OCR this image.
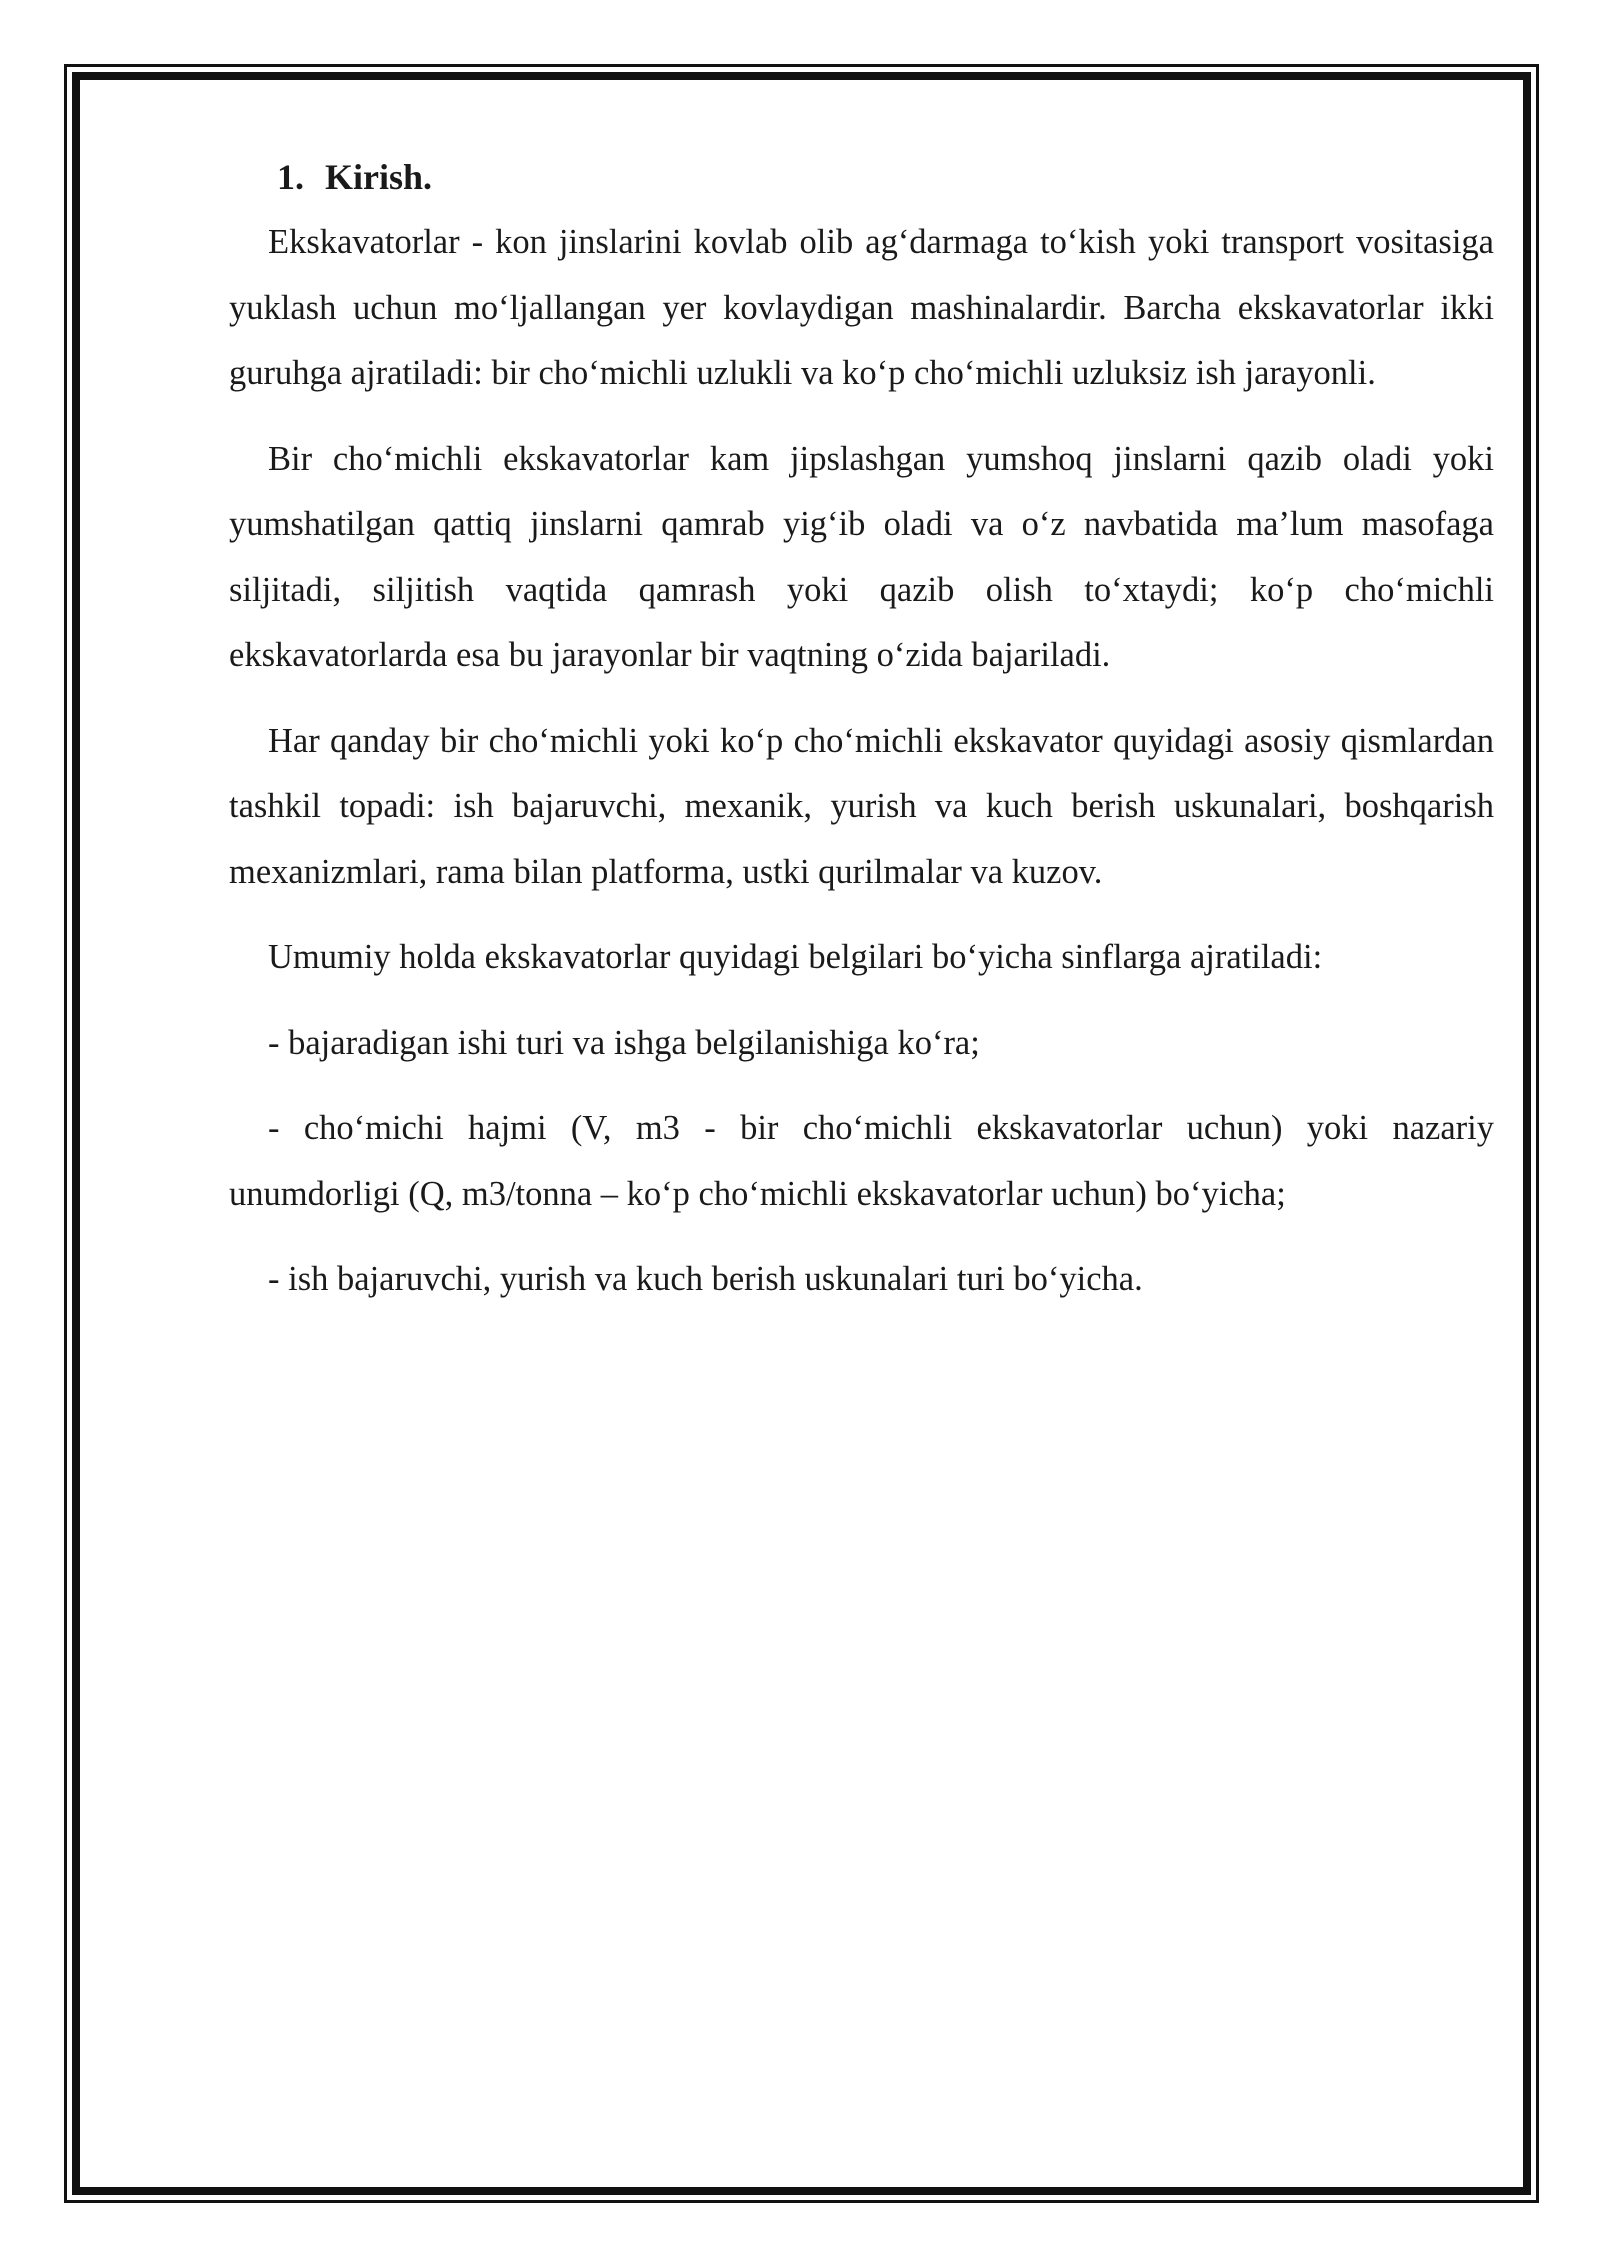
1. Kirish.

Ekskavatorlar - kon jinslarini kovlab olib ag‘darmaga to‘kish yoki transport vositasiga yuklash uchun mo‘ljallangan yer kovlaydigan mashinalardir. Barcha ekskavatorlar ikki guruhga ajratiladi: bir cho‘michli uzlukli va ko‘p cho‘michli uzluksiz ish jarayonli.

Bir cho‘michli ekskavatorlar kam jipslashgan yumshoq jinslarni qazib oladi yoki yumshatilgan qattiq jinslarni qamrab yig‘ib oladi va o‘z navbatida ma’lum masofaga siljitadi, siljitish vaqtida qamrash yoki qazib olish to‘xtaydi; ko‘p cho‘michli ekskavatorlarda esa bu jarayonlar bir vaqtning o‘zida bajariladi.

Har qanday bir cho‘michli yoki ko‘p cho‘michli ekskavator quyidagi asosiy qismlardan tashkil topadi: ish bajaruvchi, mexanik, yurish va kuch berish uskunalari, boshqarish mexanizmlari, rama bilan platforma, ustki qurilmalar va kuzov.

Umumiy holda ekskavatorlar quyidagi belgilari bo‘yicha sinflarga ajratiladi:

- bajaradigan ishi turi va ishga belgilanishiga ko‘ra;

- cho‘michi hajmi (V, m3 - bir cho‘michli ekskavatorlar uchun) yoki nazariy unumdorligi (Q, m3/tonna – ko‘p cho‘michli ekskavatorlar uchun) bo‘yicha;

- ish bajaruvchi, yurish va kuch berish uskunalari turi bo‘yicha.
